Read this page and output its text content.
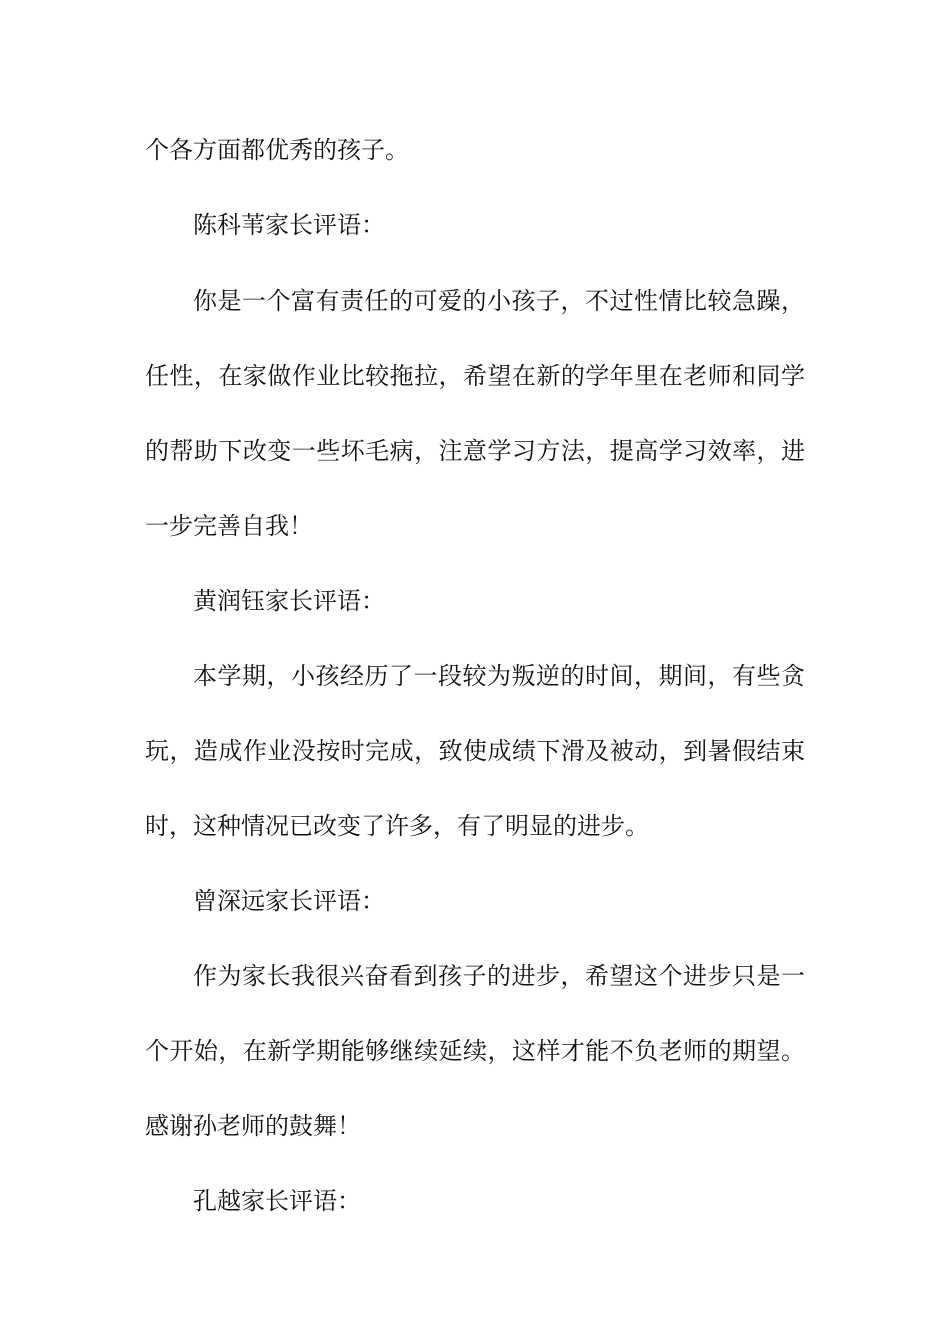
个各方面都优秀的孩子。
陈科苇家长评语：
你是一个富有责任的可爱的小孩子，不过性情比较急躁，
任性，在家做作业比较拖拉，希望在新的学年里在老师和同学
的帮助下改变一些坏毛病，注意学习方法，提高学习效率，进
一步完善自我！
黄润钰家长评语：
本学期，小孩经历了一段较为叛逆的时间，期间，有些贪
玩，造成作业没按时完成，致使成绩下滑及被动，到暑假结束
时，这种情况已改变了许多，有了明显的进步。
曾深远家长评语：
作为家长我很兴奋看到孩子的进步，希望这个进步只是一
个开始，在新学期能够继续延续，这样才能不负老师的期望。
感谢孙老师的鼓舞！
孔越家长评语：
